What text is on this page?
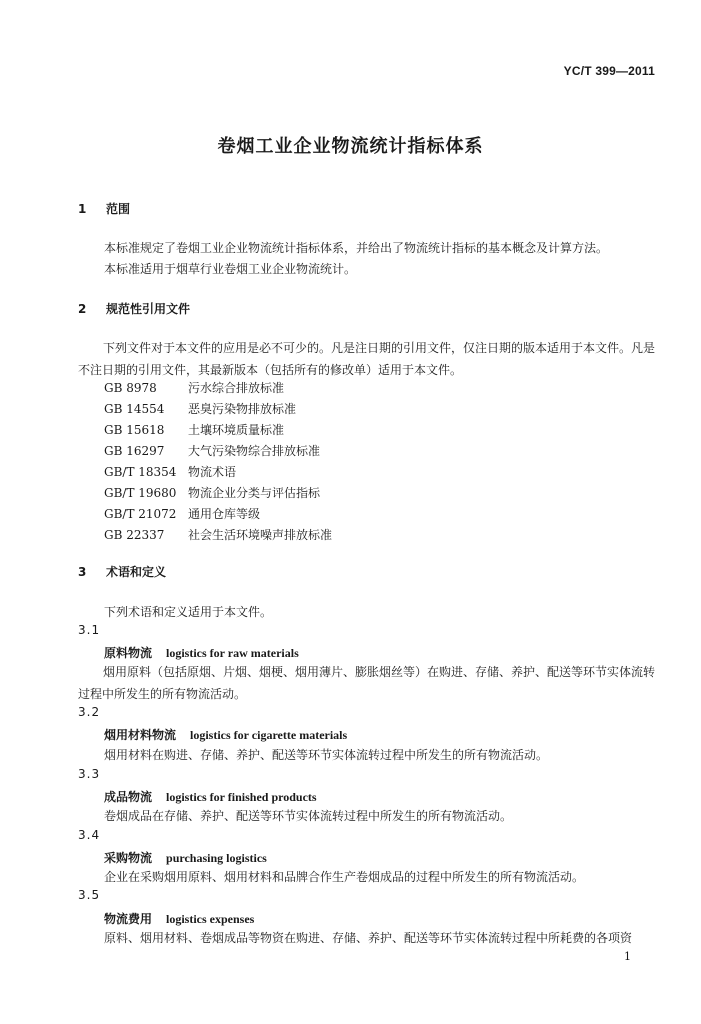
YC/T 399—2011
卷烟工业企业物流统计指标体系
1 范围
本标准规定了卷烟工业企业物流统计指标体系，并给出了物流统计指标的基本概念及计算方法。
本标准适用于烟草行业卷烟工业企业物流统计。
2 规范性引用文件
下列文件对于本文件的应用是必不可少的。凡是注日期的引用文件，仅注日期的版本适用于本文件。凡是不注日期的引用文件，其最新版本（包括所有的修改单）适用于本文件。
GB 8978	污水综合排放标准
GB 14554 恶臭污染物排放标准
GB 15618 土壤环境质量标准
GB 16297 大气污染物综合排放标准
GB/T 18354 物流术语
GB/T 19680 物流企业分类与评估指标
GB/T 21072 通用仓库等级
GB 22337 社会生活环境噪声排放标准
3 术语和定义
下列术语和定义适用于本文件。
3.1
原料物流 logistics for raw materials
烟用原料（包括原烟、片烟、烟梗、烟用薄片、膨胀烟丝等）在购进、存储、养护、配送等环节实体流转过程中所发生的所有物流活动。
3.2
烟用材料物流 logistics for cigarette materials
烟用材料在购进、存储、养护、配送等环节实体流转过程中所发生的所有物流活动。
3.3
成品物流 logistics for finished products
卷烟成品在存储、养护、配送等环节实体流转过程中所发生的所有物流活动。
3.4
采购物流 purchasing logistics
企业在采购烟用原料、烟用材料和品牌合作生产卷烟成品的过程中所发生的所有物流活动。
3.5
物流费用 logistics expenses
原料、烟用材料、卷烟成品等物资在购进、存储、养护、配送等环节实体流转过程中所耗费的各项资
1
